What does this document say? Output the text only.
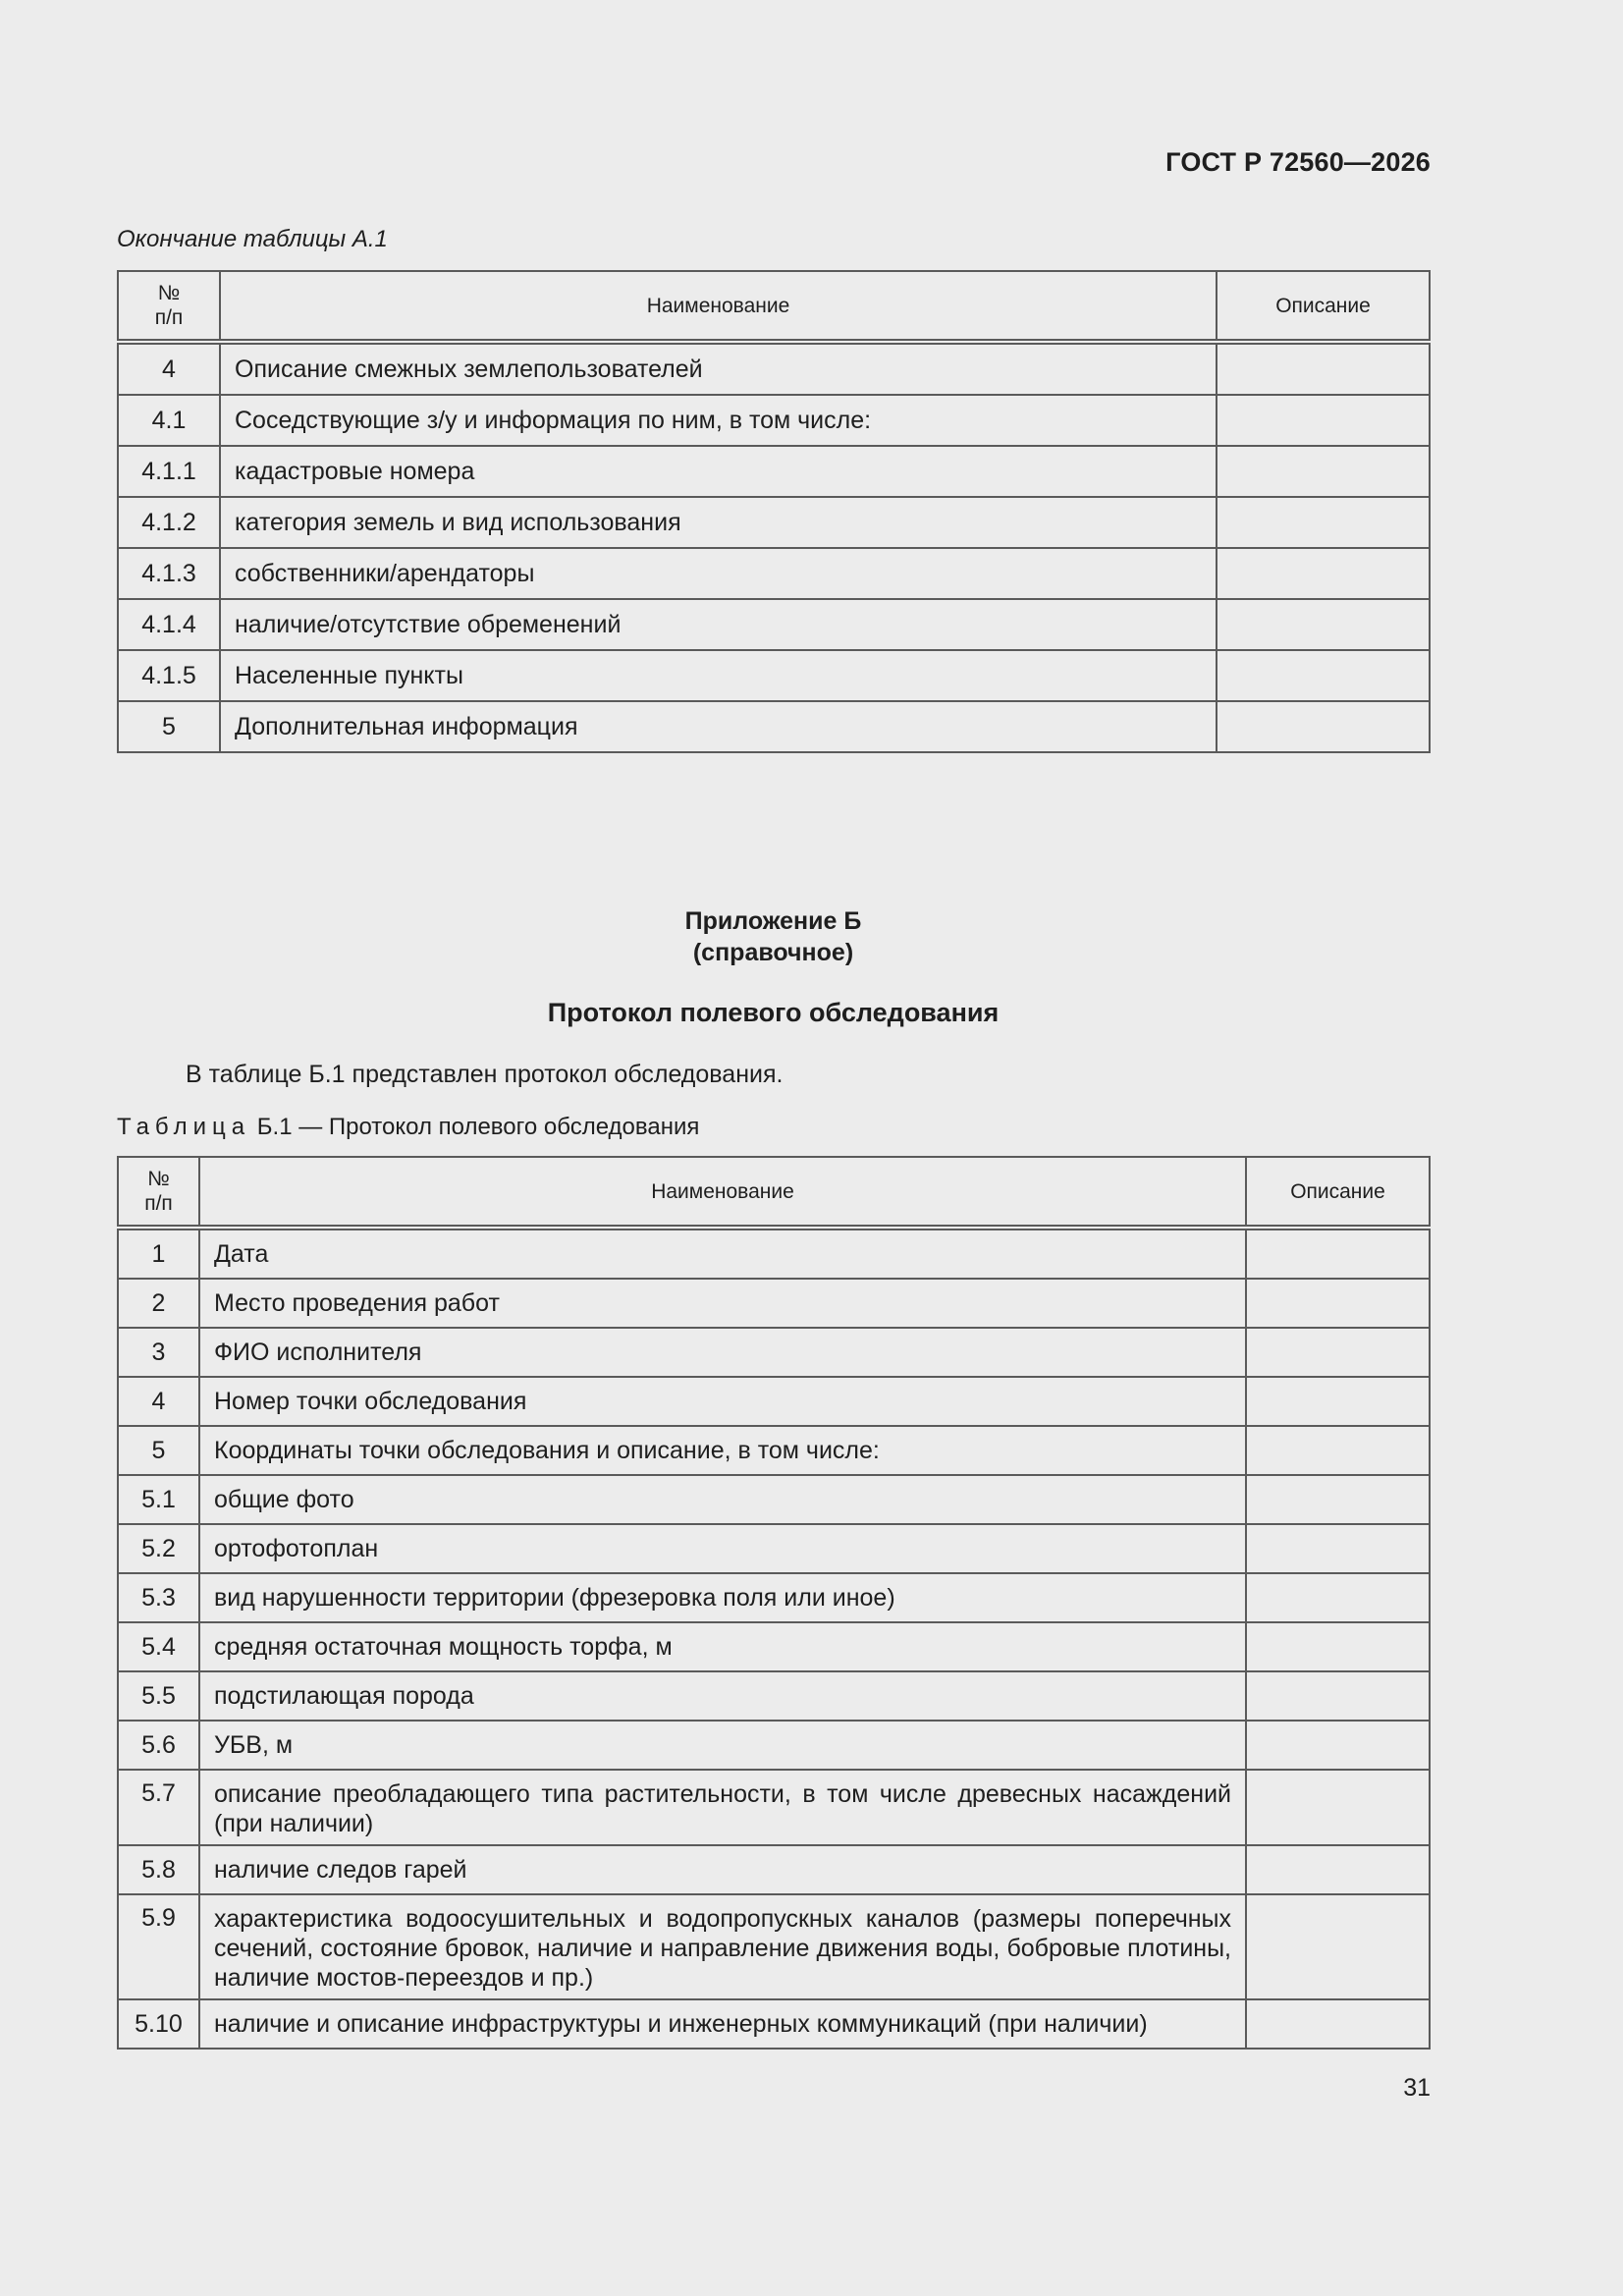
ГОСТ Р 72560—2026
Окончание таблицы А.1
№
п/п	Наименование	Описание
4	Описание смежных землепользователей	
4.1	Соседствующие з/у и информация по ним, в том числе:	
4.1.1	кадастровые номера	
4.1.2	категория земель и вид использования	
4.1.3	собственники/арендаторы	
4.1.4	наличие/отсутствие обременений	
4.1.5	Населенные пункты	
5	Дополнительная информация	
Приложение Б
(справочное)
Протокол полевого обследования
В таблице Б.1 представлен протокол обследования.
Таблица Б.1 — Протокол полевого обследования
№
п/п	Наименование	Описание
1	Дата	
2	Место проведения работ	
3	ФИО исполнителя	
4	Номер точки обследования	
5	Координаты точки обследования и описание, в том числе:	
5.1	общие фото	
5.2	ортофотоплан	
5.3	вид нарушенности территории (фрезеровка поля или иное)	
5.4	средняя остаточная мощность торфа, м	
5.5	подстилающая порода	
5.6	УБВ, м	
5.7	описание преобладающего типа растительности, в том числе древесных насаждений (при наличии)	
5.8	наличие следов гарей	
5.9	характеристика водоосушительных и водопропускных каналов (размеры поперечных сечений, состояние бровок, наличие и направление движения воды, бобровые плотины, наличие мостов-переездов и пр.)	
5.10	наличие и описание инфраструктуры и инженерных коммуникаций (при наличии)	
31
